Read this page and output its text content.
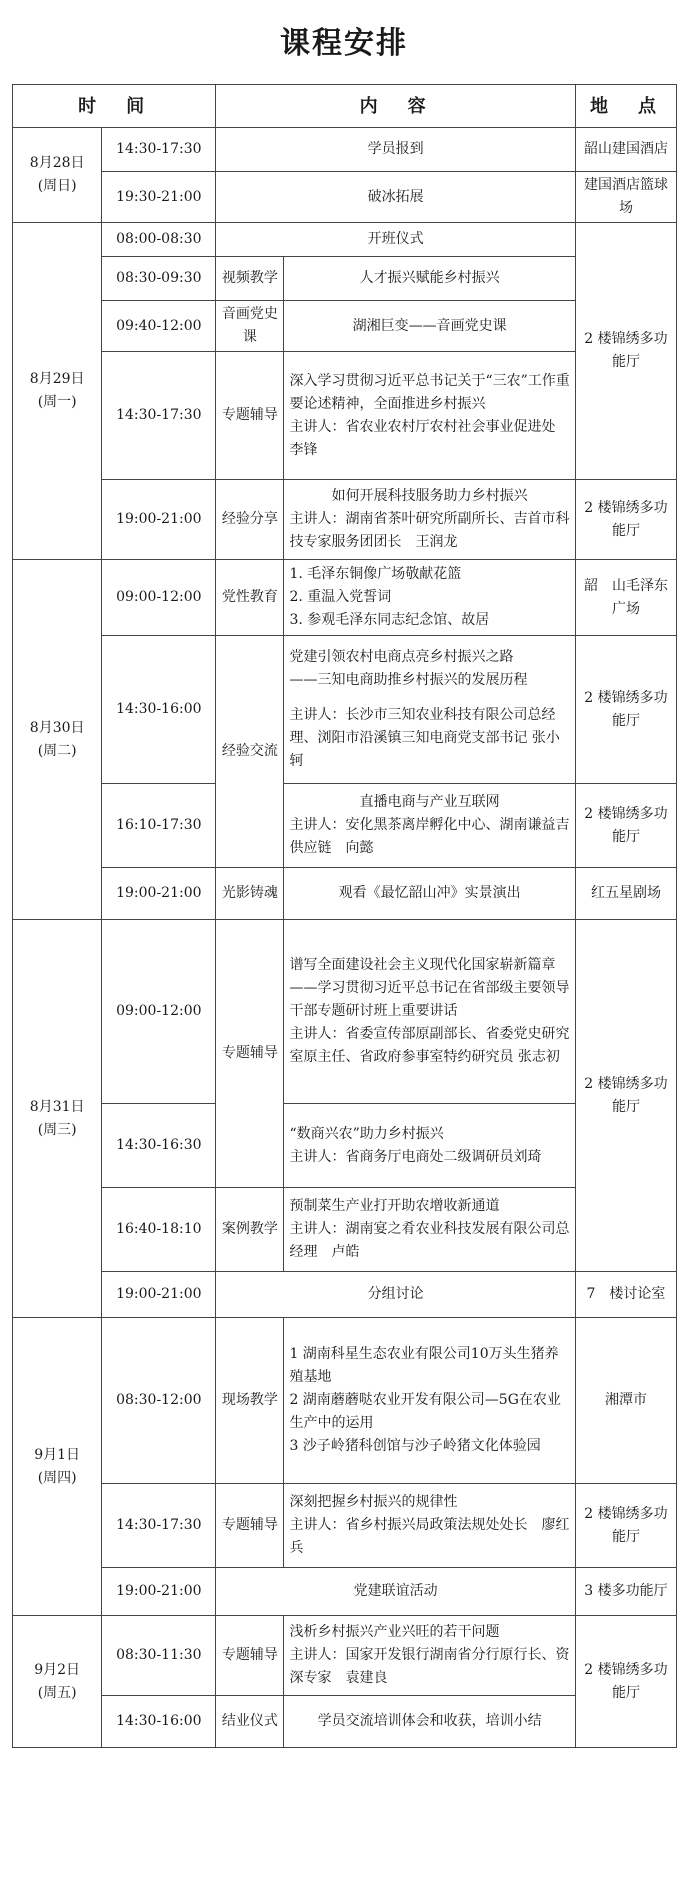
课程安排
时　间		内　容		地　点

8月28日
(周日)	14:30-17:30	学员报到		韶山建国酒店
	19:30-21:00	破冰拓展		建国酒店篮球场

8月29日
(周一)	08:00-08:30	开班仪式		2 楼锦绣多功能厅
	08:30-09:30	视频教学	人才振兴赋能乡村振兴	
	09:40-12:00	音画党史课	湖湘巨变——音画党史课	
	14:30-17:30	专题辅导	深入学习贯彻习近平总书记关于“三农”工作重要论述精神，全面推进乡村振兴
主讲人：省农业农村厅农村社会事业促进处 李锋	

	19:00-21:00	经验分享	如何开展科技服务助力乡村振兴
主讲人：湖南省茶叶研究所副所长、吉首市科技专家服务团团长　王润龙	2 楼锦绣多功能厅

8月30日
(周二)	09:00-12:00	党性教育	1. 毛泽东铜像广场敬献花篮
2. 重温入党誓词
3. 参观毛泽东同志纪念馆、故居	韶　山毛泽东广场
	14:30-16:00	经验交流	党建引领农村电商点亮乡村振兴之路
——三知电商助推乡村振兴的发展历程
主讲人：长沙市三知农业科技有限公司总经理、浏阳市沿溪镇三知电商党支部书记 张小轲	2 楼锦绣多功能厅
	16:10-17:30		直播电商与产业互联网
主讲人：安化黑茶离岸孵化中心、湖南谦益吉供应链　向懿	2 楼锦绣多功能厅
	19:00-21:00	光影铸魂	观看《最忆韶山冲》实景演出	红五星剧场

8月31日
(周三)	09:00-12:00	专题辅导	谱写全面建设社会主义现代化国家崭新篇章——学习贯彻习近平总书记在省部级主要领导干部专题研讨班上重要讲话
主讲人：省委宣传部原副部长、省委党史研究室原主任、省政府参事室特约研究员 张志初	2 楼锦绣多功能厅
	14:30-16:30		“数商兴农”助力乡村振兴
主讲人：省商务厅电商处二级调研员刘琦	

	16:40-18:10	案例教学	预制菜生产业打开助农增收新通道
主讲人：湖南宴之肴农业科技发展有限公司总经理　卢皓	

	19:00-21:00	分组讨论		7　楼讨论室

9月1日
(周四)	08:30-12:00	现场教学	1 湖南科星生态农业有限公司10万头生猪养殖基地
2 湖南蘑蘑哒农业开发有限公司—5G在农业生产中的运用
3 沙子岭猪科创馆与沙子岭猪文化体验园	湘潭市
	14:30-17:30	专题辅导	深刻把握乡村振兴的规律性
主讲人：省乡村振兴局政策法规处处长　廖红兵	2 楼锦绣多功能厅
	19:00-21:00	党建联谊活动		3 楼多功能厅

9月2日
(周五)	08:30-11:30	专题辅导	浅析乡村振兴产业兴旺的若干问题
主讲人：国家开发银行湖南省分行原行长、资深专家　袁建良	2 楼锦绣多功能厅
	14:30-16:00	结业仪式	学员交流培训体会和收获，培训小结	
